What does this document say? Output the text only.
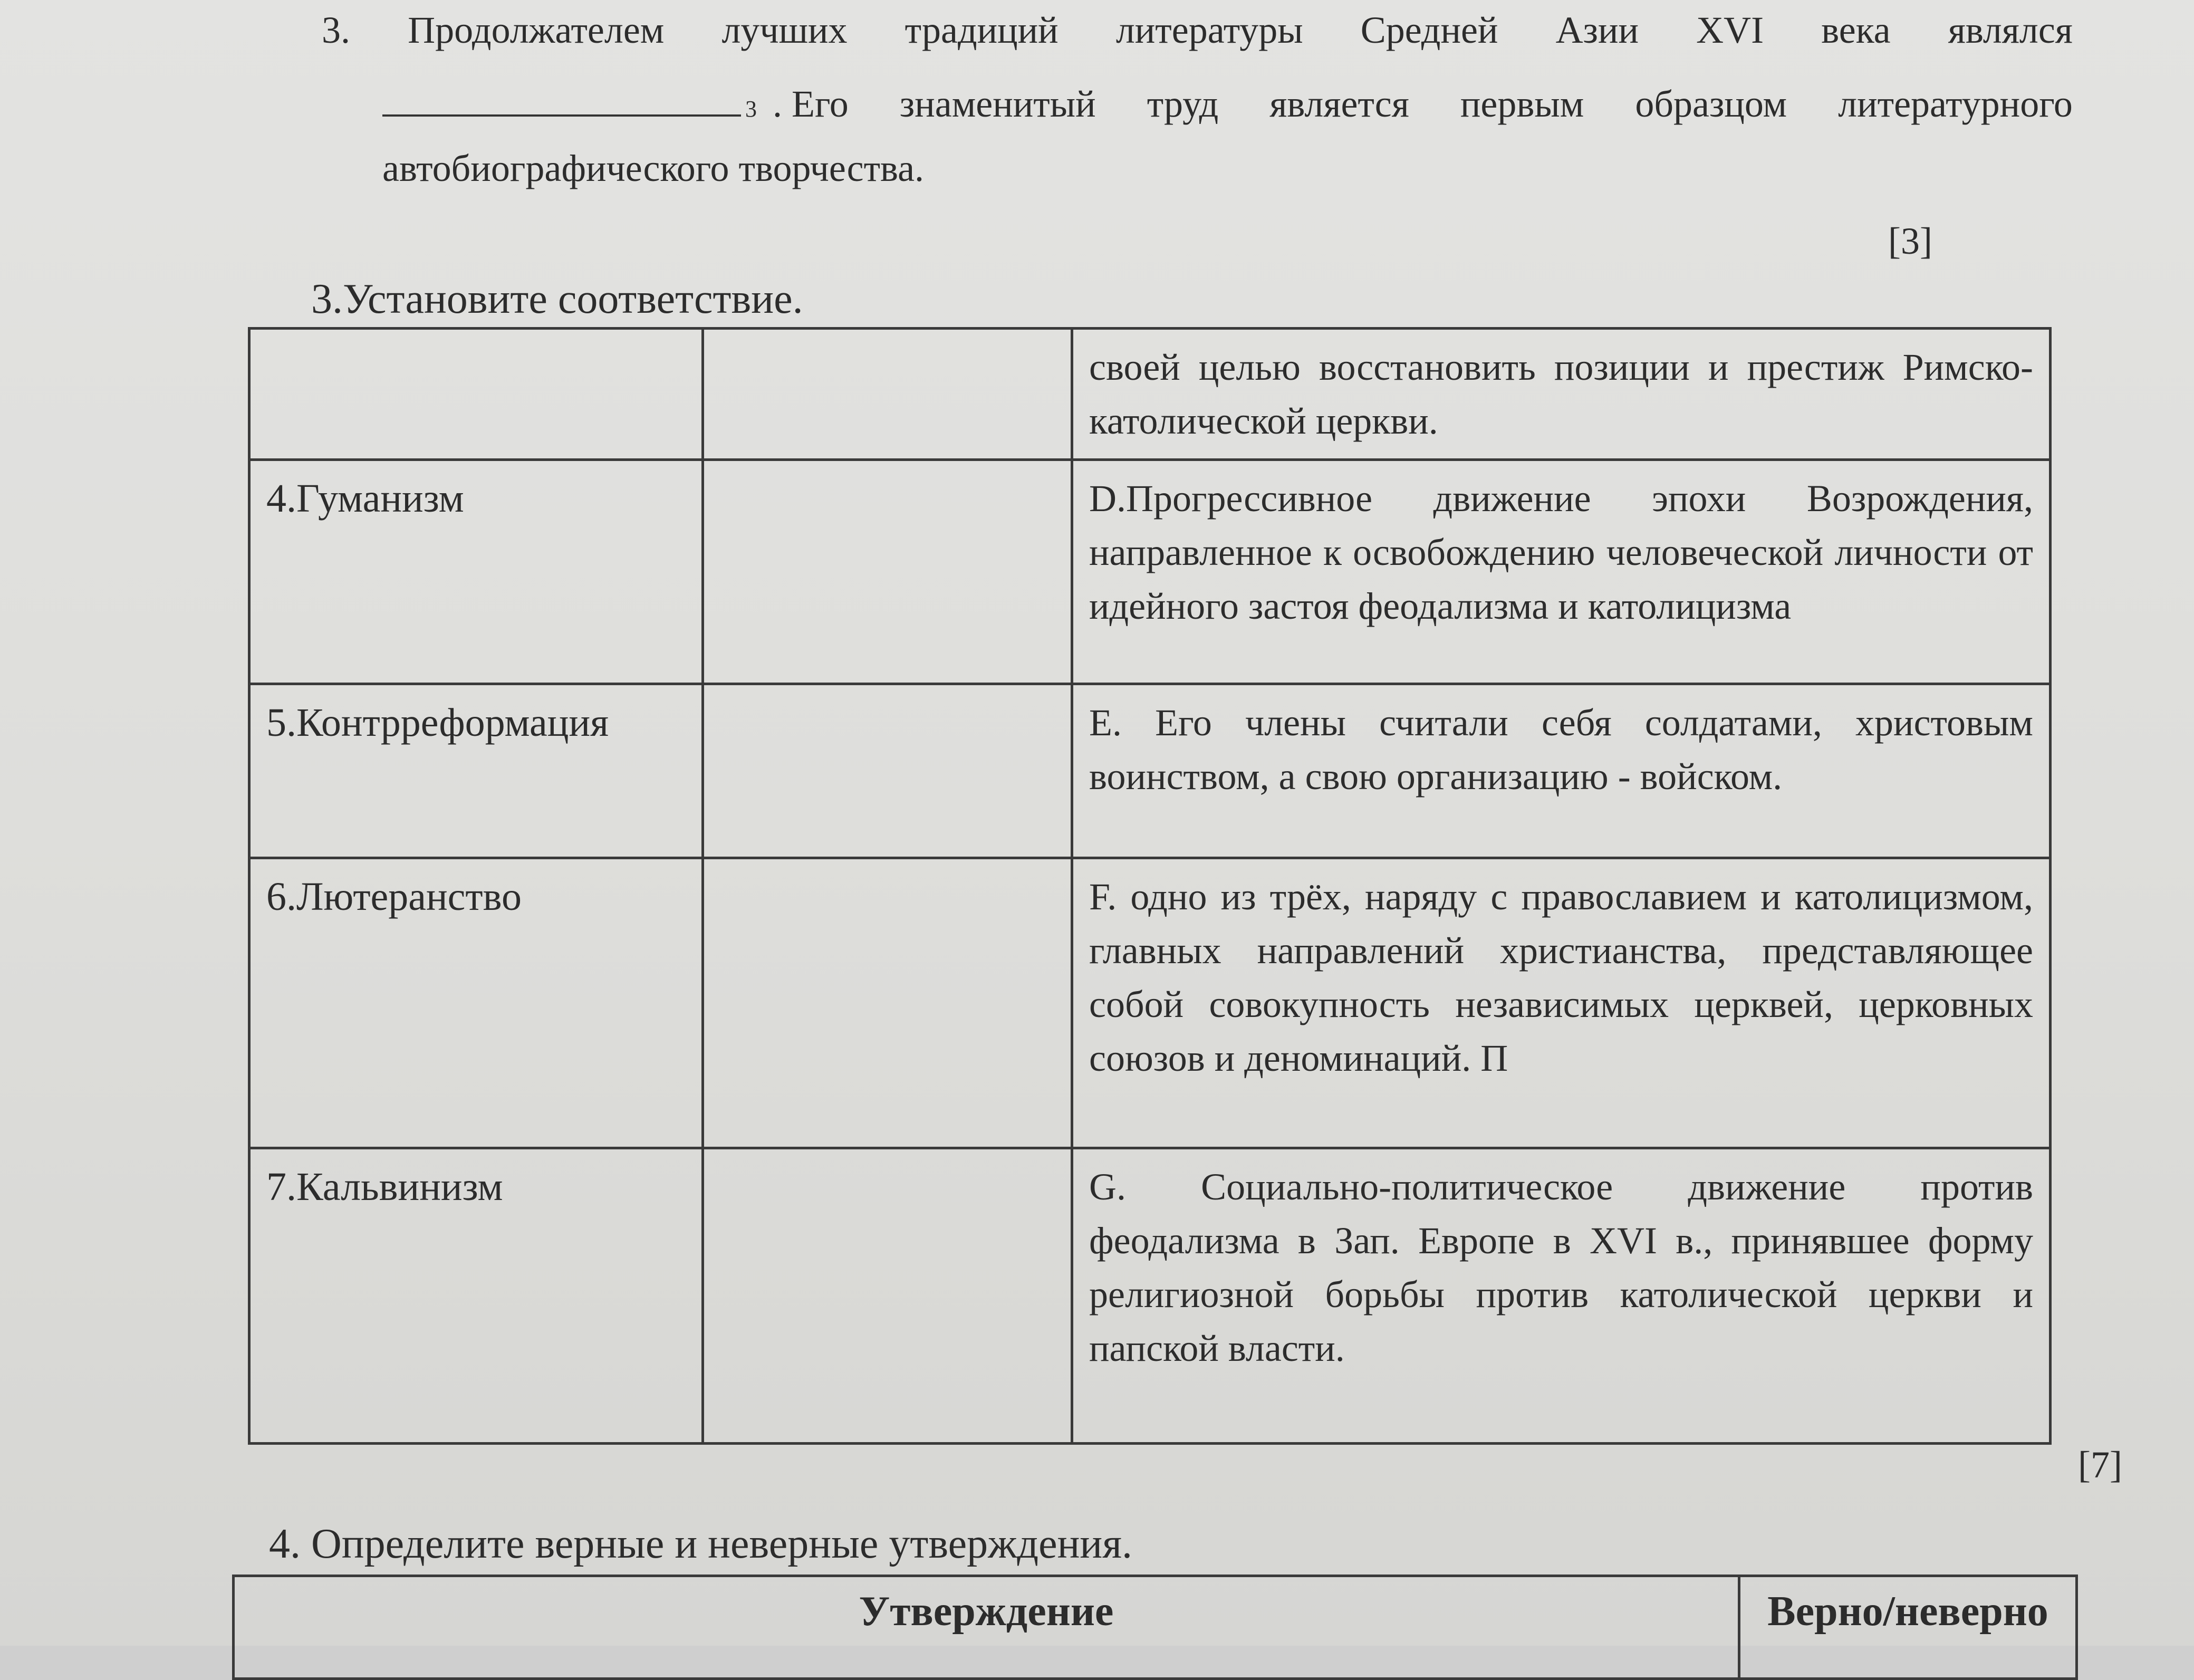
3. Продолжателем лучших традиций литературы Средней Азии XVI века являлся
3 . Его знаменитый труд является первым образцом литературного
автобиографического творчества.
[3]
3.Установите соответствие.
		своей целью восстановить позиции и престиж Римско-католической церкви.
4.Гуманизм		D.Прогрессивное движение эпохи Возрождения, направленное к освобождению человеческой личности от идейного застоя феодализма и католицизма
5.Контрреформация		E. Его члены считали себя солдатами, христовым воинством, а свою организацию - войском.
6.Лютеранство		F. одно из трёх, наряду с православием и католицизмом, главных направлений христианства, представляющее собой совокупность независимых церквей, церковных союзов и деноминаций. П
7.Кальвинизм		G. Социально-политическое движение против феодализма в Зап. Европе в XVI в., принявшее форму религиозной борьбы против католической церкви и папской власти.
[7]
4. Определите верные и неверные утверждения.
Утверждение	Верно/неверно
